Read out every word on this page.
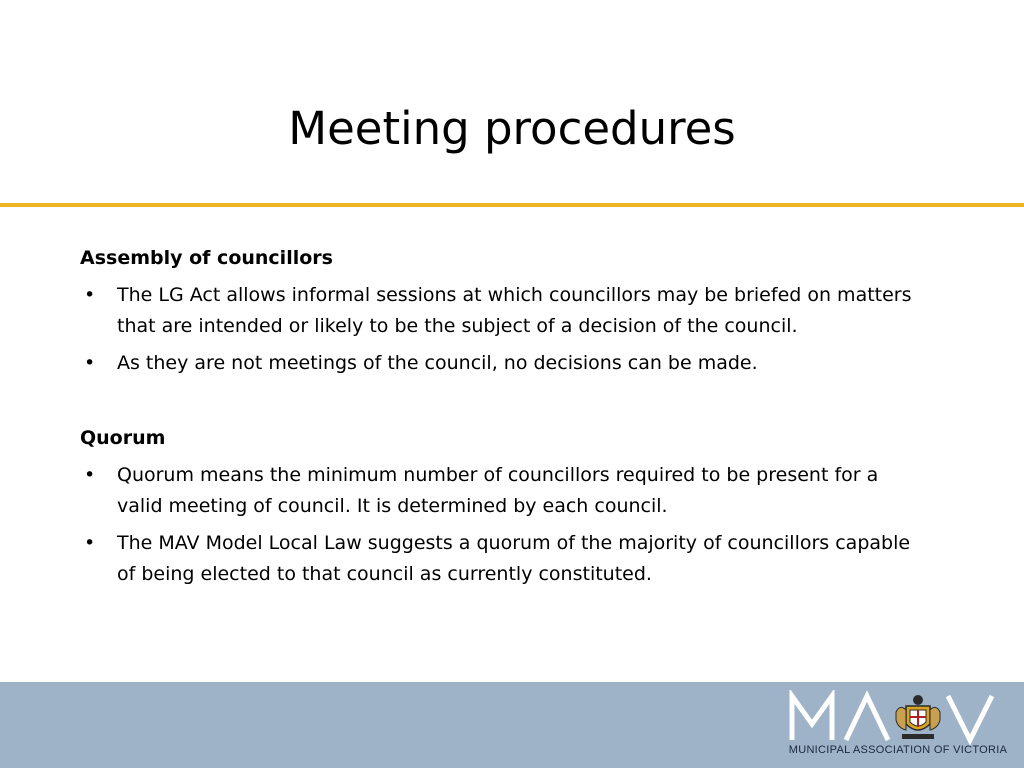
Meeting procedures
Assembly of councillors
•	The LG Act allows informal sessions at which councillors may be briefed on matters that are intended or likely to be the subject of a decision of the council.
•	As they are not meetings of the council, no decisions can be made.
Quorum
•	Quorum means the minimum number of councillors required to be present for a valid meeting of council. It is determined by each council.
•	The MAV Model Local Law suggests a quorum of the majority of councillors capable of being elected to that council as currently constituted.
MUNICIPAL ASSOCIATION OF VICTORIA
